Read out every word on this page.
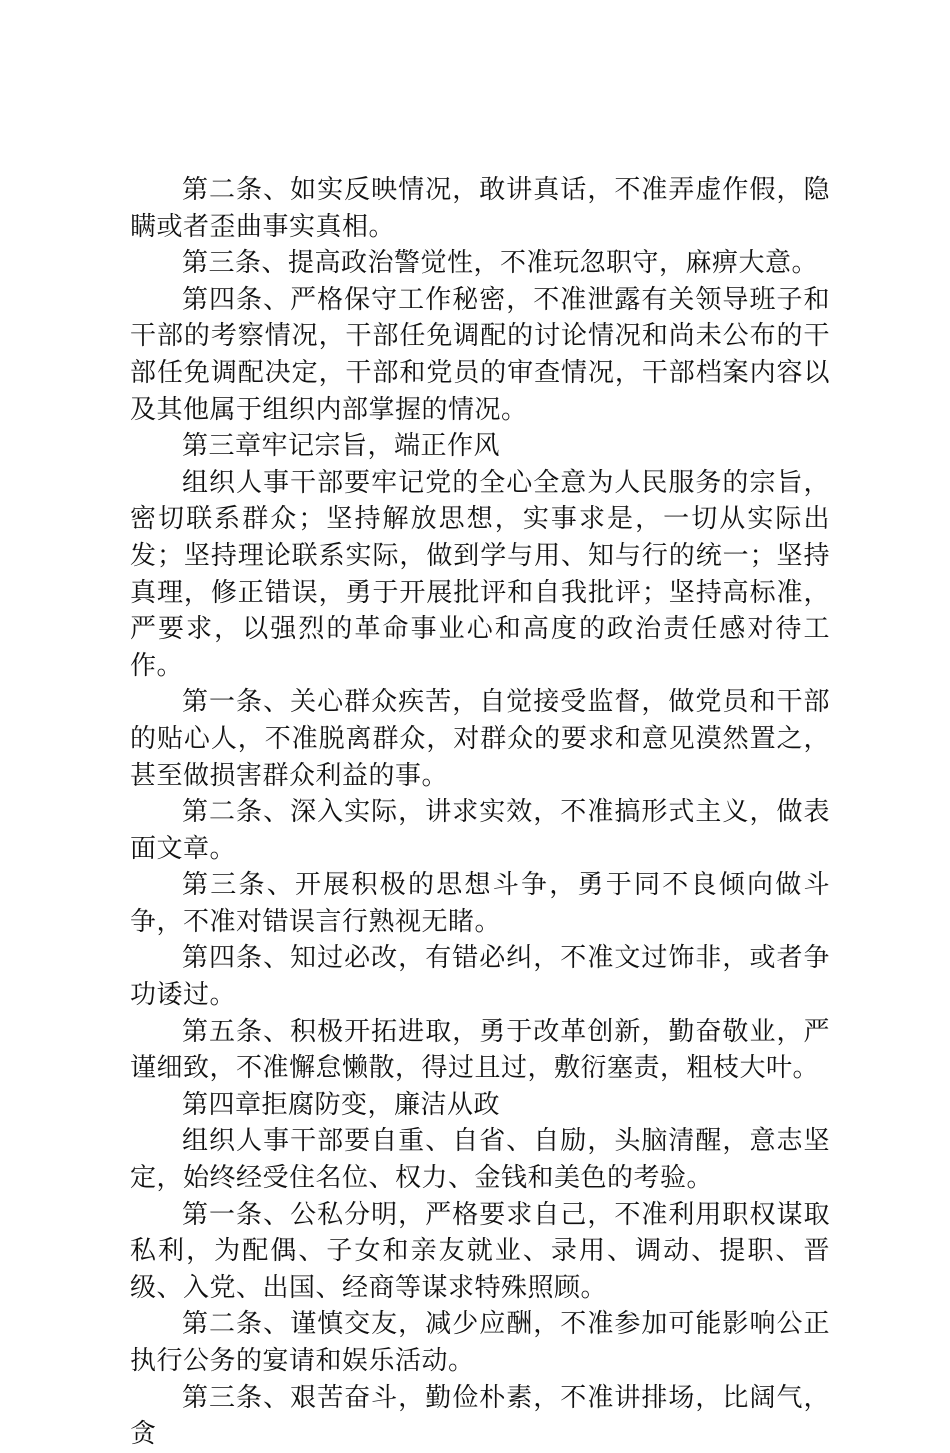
第二条、如实反映情况，敢讲真话，不准弄虚作假，隐瞒或者歪曲事实真相。

第三条、提高政治警觉性，不准玩忽职守，麻痹大意。

第四条、严格保守工作秘密，不准泄露有关领导班子和干部的考察情况，干部任免调配的讨论情况和尚未公布的干部任免调配决定，干部和党员的审查情况，干部档案内容以及其他属于组织内部掌握的情况。

第三章牢记宗旨，端正作风

组织人事干部要牢记党的全心全意为人民服务的宗旨，密切联系群众；坚持解放思想，实事求是，一切从实际出发；坚持理论联系实际，做到学与用、知与行的统一；坚持真理，修正错误，勇于开展批评和自我批评；坚持高标准，严要求，以强烈的革命事业心和高度的政治责任感对待工作。

第一条、关心群众疾苦，自觉接受监督，做党员和干部的贴心人，不准脱离群众，对群众的要求和意见漠然置之，甚至做损害群众利益的事。

第二条、深入实际，讲求实效，不准搞形式主义，做表面文章。

第三条、开展积极的思想斗争，勇于同不良倾向做斗争，不准对错误言行熟视无睹。

第四条、知过必改，有错必纠，不准文过饰非，或者争功诿过。

第五条、积极开拓进取，勇于改革创新，勤奋敬业，严谨细致，不准懈怠懒散，得过且过，敷衍塞责，粗枝大叶。

第四章拒腐防变，廉洁从政

组织人事干部要自重、自省、自励，头脑清醒，意志坚定，始终经受住名位、权力、金钱和美色的考验。

第一条、公私分明，严格要求自己，不准利用职权谋取私利，为配偶、子女和亲友就业、录用、调动、提职、晋级、入党、出国、经商等谋求特殊照顾。

第二条、谨慎交友，减少应酬，不准参加可能影响公正执行公务的宴请和娱乐活动。

第三条、艰苦奋斗，勤俭朴素，不准讲排场，比阔气，贪
